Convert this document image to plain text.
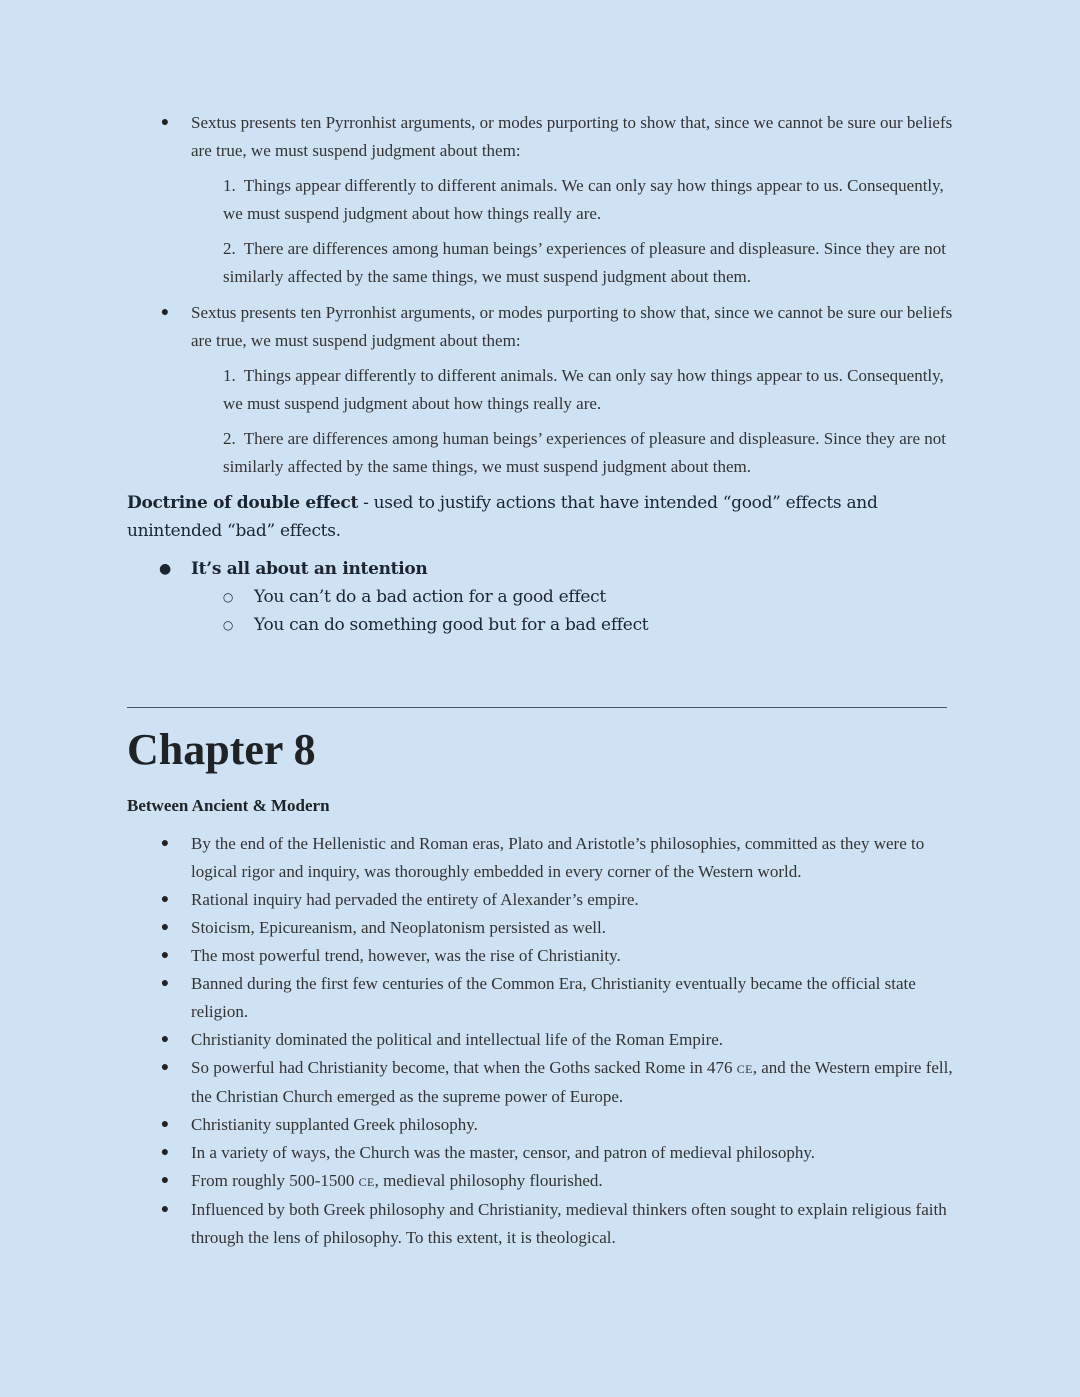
● Sextus presents ten Pyrronhist arguments, or modes purporting to show that, since we cannot be sure our beliefs are true, we must suspend judgment about them:
1. Things appear differently to different animals. We can only say how things appear to us. Consequently, we must suspend judgment about how things really are.
2. There are differences among human beings’ experiences of pleasure and displeasure. Since they are not similarly affected by the same things, we must suspend judgment about them.
● Sextus presents ten Pyrronhist arguments, or modes purporting to show that, since we cannot be sure our beliefs are true, we must suspend judgment about them:
1. Things appear differently to different animals. We can only say how things appear to us. Consequently, we must suspend judgment about how things really are.
2. There are differences among human beings’ experiences of pleasure and displeasure. Since they are not similarly affected by the same things, we must suspend judgment about them.
Doctrine of double effect - used to justify actions that have intended “good” effects and unintended “bad” effects.
● It’s all about an intention
○ You can’t do a bad action for a good effect
○ You can do something good but for a bad effect
Chapter 8
Between Ancient & Modern
● By the end of the Hellenistic and Roman eras, Plato and Aristotle’s philosophies, committed as they were to logical rigor and inquiry, was thoroughly embedded in every corner of the Western world.
● Rational inquiry had pervaded the entirety of Alexander’s empire.
● Stoicism, Epicureanism, and Neoplatonism persisted as well.
● The most powerful trend, however, was the rise of Christianity.
● Banned during the first few centuries of the Common Era, Christianity eventually became the official state religion.
● Christianity dominated the political and intellectual life of the Roman Empire.
● So powerful had Christianity become, that when the Goths sacked Rome in 476 CE, and the Western empire fell, the Christian Church emerged as the supreme power of Europe.
● Christianity supplanted Greek philosophy.
● In a variety of ways, the Church was the master, censor, and patron of medieval philosophy.
● From roughly 500-1500 CE, medieval philosophy flourished.
● Influenced by both Greek philosophy and Christianity, medieval thinkers often sought to explain religious faith through the lens of philosophy. To this extent, it is theological.
